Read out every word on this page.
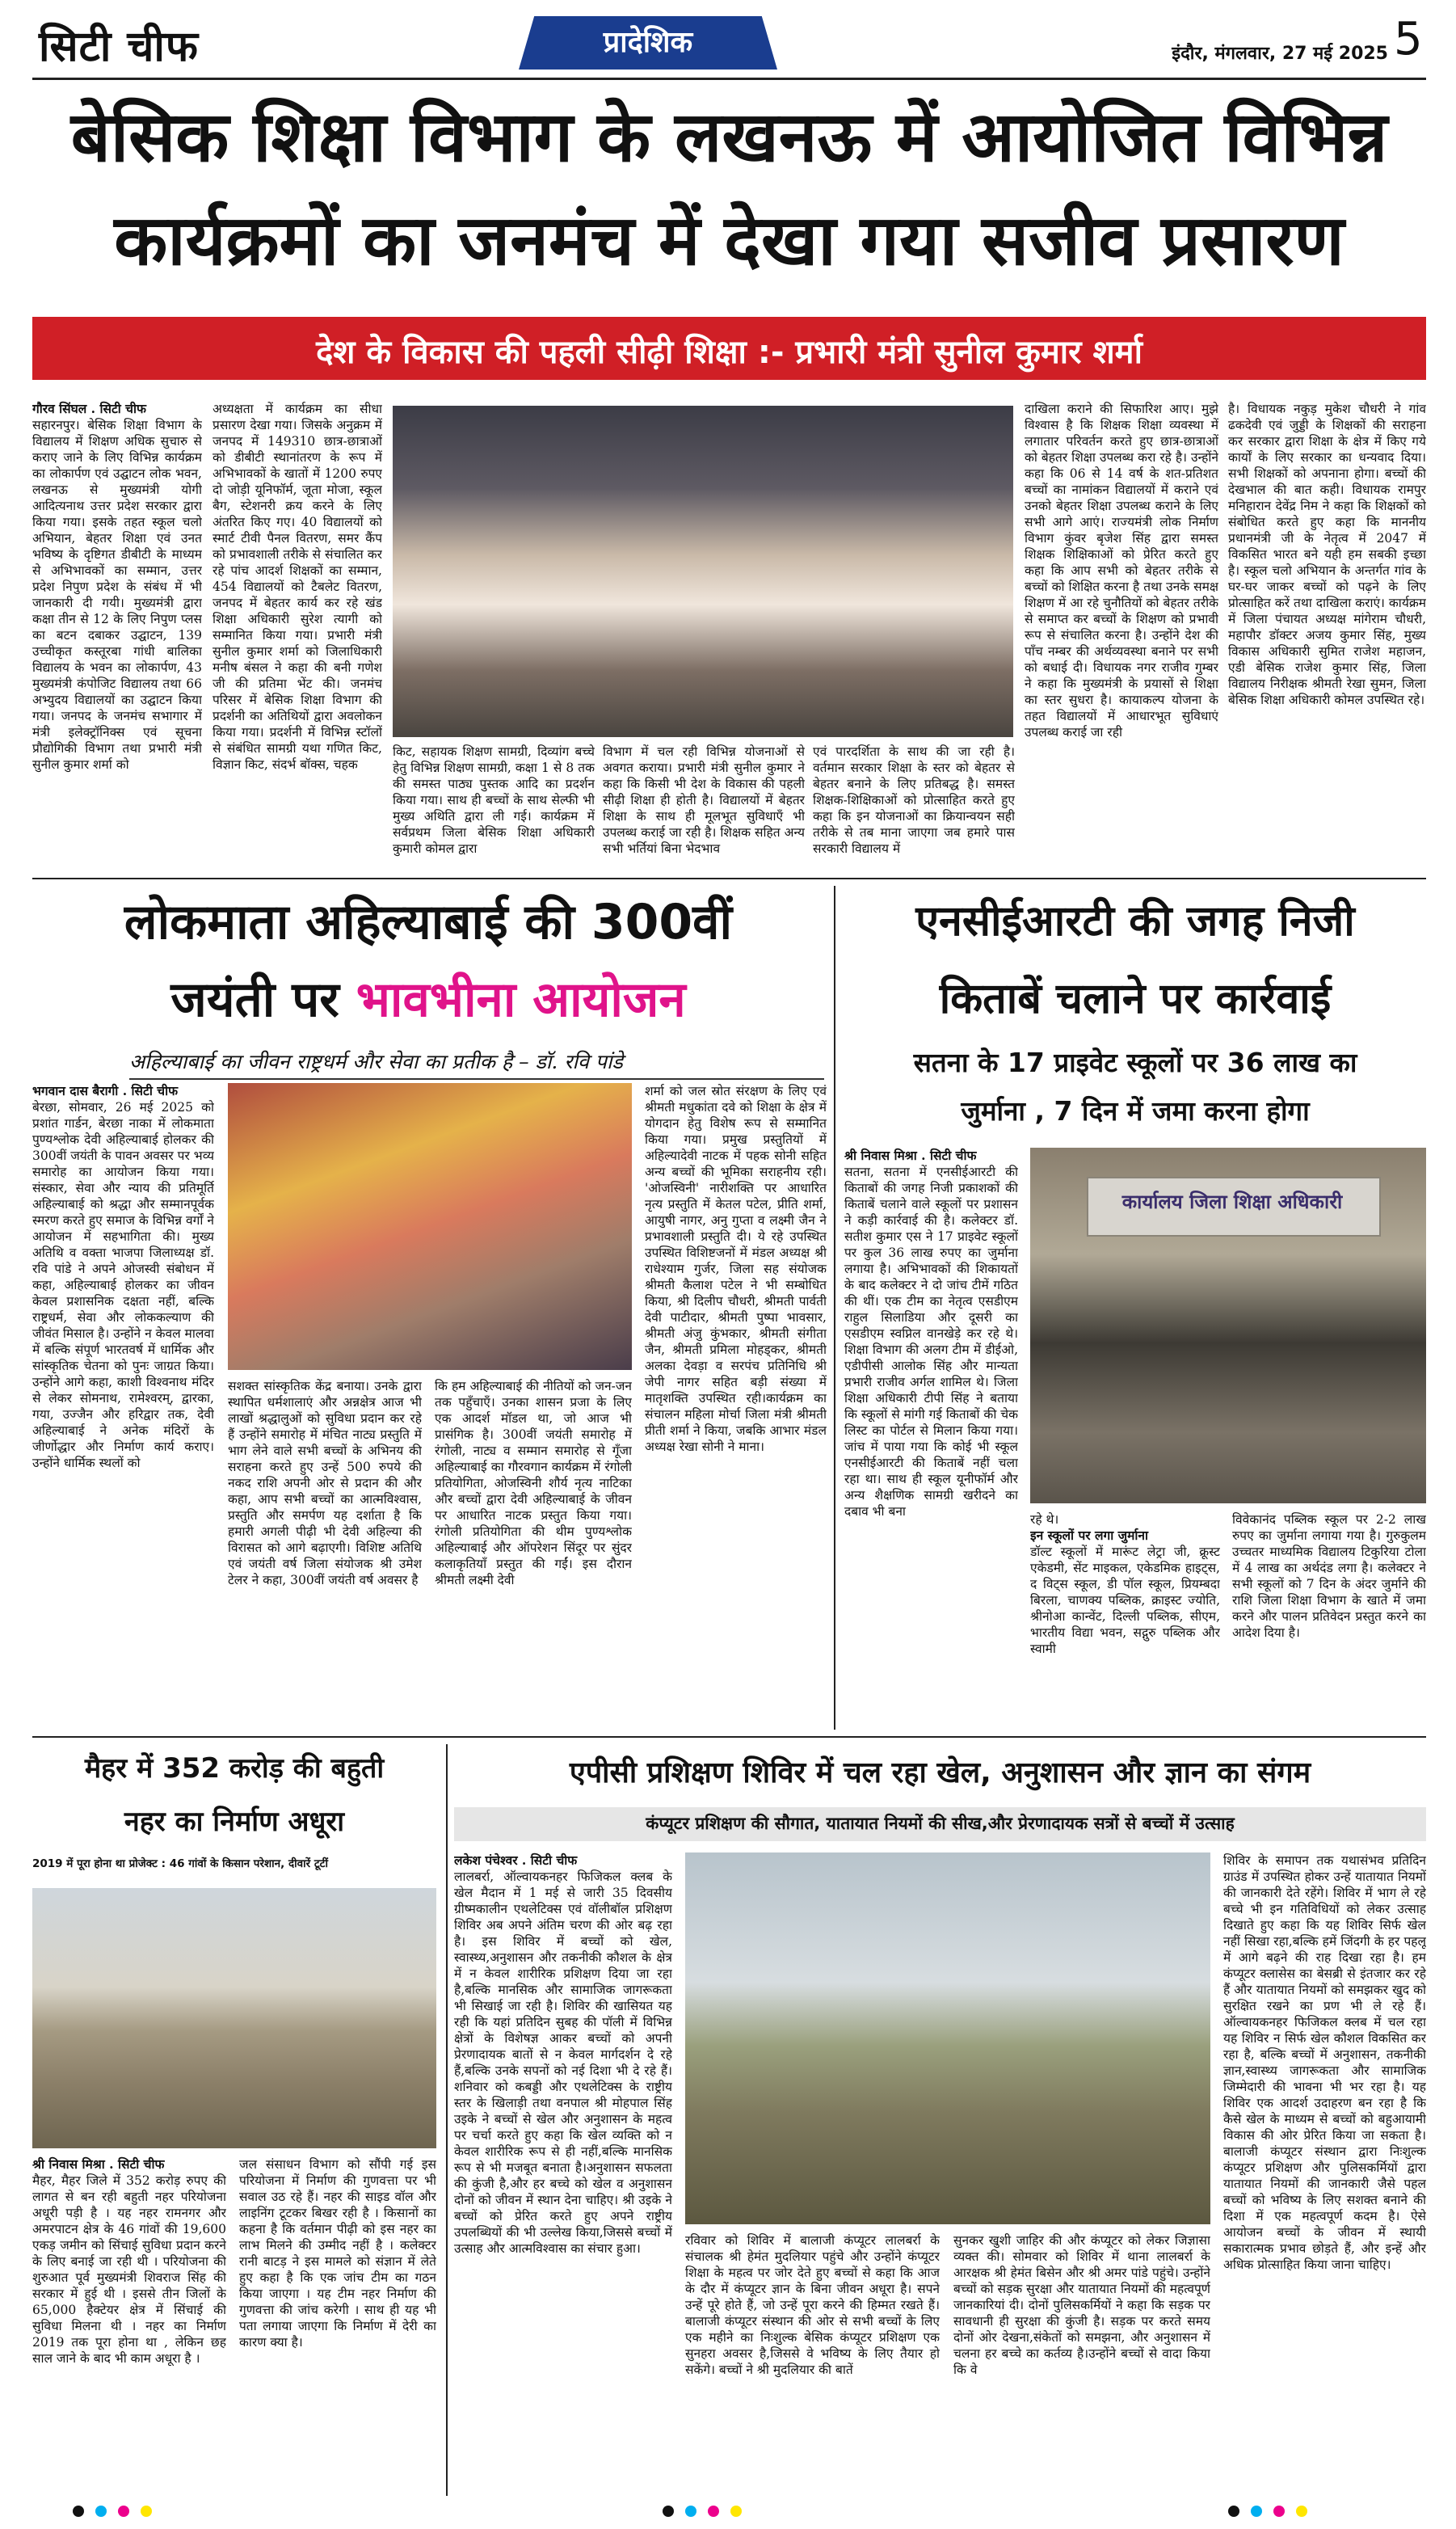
सिटी चीफ	प्रादेशिक	इंदौर, मंगलवार, 27 मई 2025 5
बेसिक शिक्षा विभाग के लखनऊ में आयोजित विभिन्न
कार्यक्रमों का जनमंच में देखा गया सजीव प्रसारण
देश के विकास की पहली सीढ़ी शिक्षा :- प्रभारी मंत्री सुनील कुमार शर्मा
गौरव सिंघल . सिटी चीफ
सहारनपुर। बेसिक शिक्षा विभाग के विद्यालय में शिक्षण अधिक सुचारु से कराए जाने के लिए विभिन्न कार्यक्रम का लोकार्पण एवं उद्घाटन लोक भवन, लखनऊ से मुख्यमंत्री योगी आदित्यनाथ उत्तर प्रदेश सरकार द्वारा किया गया। इसके तहत स्कूल चलो अभियान, बेहतर शिक्षा एवं उनत भविष्य के दृष्टिगत डीबीटी के माध्यम से अभिभावकों का सम्मान, उत्तर प्रदेश निपुण प्रदेश के संबंध में भी जानकारी दी गयी। मुख्यमंत्री द्वारा कक्षा तीन से 12 के लिए निपुण प्लस का बटन दबाकर उद्घाटन, 139 उच्चीकृत कस्तूरबा गांधी बालिका विद्यालय के भवन का लोकार्पण, 43 मुख्यमंत्री कंपोजिट विद्यालय तथा 66 अभ्युदय विद्यालयों का उद्घाटन किया गया। जनपद के जनमंच सभागार में मंत्री इलेक्ट्रॉनिक्स एवं सूचना प्रौद्योगिकी विभाग तथा प्रभारी मंत्री सुनील कुमार शर्मा को
अध्यक्षता में कार्यक्रम का सीधा प्रसारण देखा गया। जिसके अनुक्रम में जनपद में 149310 छात्र-छात्राओं को डीबीटी स्थानांतरण के रूप में अभिभावकों के खातों में 1200 रुपए दो जोड़ी यूनिफॉर्म, जूता मोजा, स्कूल बैग, स्टेशनरी क्रय करने के लिए अंतरित किए गए। 40 विद्यालयों को स्मार्ट टीवी पैनल वितरण, समर कैंप को प्रभावशाली तरीके से संचालित कर रहे पांच आदर्श शिक्षकों का सम्मान, 454 विद्यालयों को टैबलेट वितरण, जनपद में बेहतर कार्य कर रहे खंड शिक्षा अधिकारी सुरेश त्यागी को सम्मानित किया गया। प्रभारी मंत्री सुनील कुमार शर्मा को जिलाधिकारी मनीष बंसल ने कहा की बनी गणेश जी की प्रतिमा भेंट की। जनमंच परिसर में बेसिक शिक्षा विभाग की प्रदर्शनी का अतिथियों द्वारा अवलोकन किया गया। प्रदर्शनी में विभिन्न स्टॉलों से संबंधित सामग्री यथा गणित किट, विज्ञान किट, संदर्भ बॉक्स, चहक
किट, सहायक शिक्षण सामग्री, दिव्यांग बच्चे हेतु विभिन्न शिक्षण सामग्री, कक्षा 1 से 8 तक की समस्त पाठ्य पुस्तक आदि का प्रदर्शन किया गया। साथ ही बच्चों के साथ सेल्फी भी मुख्य अथिति द्वारा ली गई। कार्यक्रम में सर्वप्रथम जिला बेसिक शिक्षा अधिकारी कुमारी कोमल द्वारा
विभाग में चल रही विभिन्न योजनाओं से अवगत कराया। प्रभारी मंत्री सुनील कुमार ने कहा कि किसी भी देश के विकास की पहली सीढ़ी शिक्षा ही होती है। विद्यालयों में बेहतर शिक्षा के साथ ही मूलभूत सुविधाएँ भी उपलब्ध कराई जा रही है। शिक्षक सहित अन्य सभी भर्तियां बिना भेदभाव
एवं पारदर्शिता के साथ की जा रही है। वर्तमान सरकार शिक्षा के स्तर को बेहतर से बेहतर बनाने के लिए प्रतिबद्ध है। समस्त शिक्षक-शिक्षिकाओं को प्रोत्साहित करते हुए कहा कि इन योजनाओं का क्रियान्वयन सही तरीके से तब माना जाएगा जब हमारे पास सरकारी विद्यालय में
दाखिला कराने की सिफारिश आए। मुझे विश्वास है कि शिक्षक शिक्षा व्यवस्था में लगातार परिवर्तन करते हुए छात्र-छात्राओं को बेहतर शिक्षा उपलब्ध करा रहे है। उन्होंने कहा कि 06 से 14 वर्ष के शत-प्रतिशत बच्चों का नामांकन विद्यालयों में कराने एवं उनको बेहतर शिक्षा उपलब्ध कराने के लिए सभी आगे आएं। राज्यमंत्री लोक निर्माण विभाग कुंवर बृजेश सिंह द्वारा समस्त शिक्षक शिक्षिकाओं को प्रेरित करते हुए कहा कि आप सभी को बेहतर तरीके से बच्चों को शिक्षित करना है तथा उनके समक्ष शिक्षण में आ रहे चुनौतियों को बेहतर तरीके से समाप्त कर बच्चों के शिक्षण को प्रभावी रूप से संचालित करना है। उन्होंने देश की पाँच नम्बर की अर्थव्यवस्था बनाने पर सभी को बधाई दी। विधायक नगर राजीव गुम्बर ने कहा कि मुख्यमंत्री के प्रयासों से शिक्षा का स्तर सुधरा है। कायाकल्प योजना के तहत विद्यालयों में आधारभूत सुविधाएं उपलब्ध कराई जा रही
है। विधायक नकुड़ मुकेश चौधरी ने गांव ढकदेवी एवं जुड्डी के शिक्षकों की सराहना कर सरकार द्वारा शिक्षा के क्षेत्र में किए गये कार्यों के लिए सरकार का धन्यवाद दिया। सभी शिक्षकों को अपनाना होगा। बच्चों की देखभाल की बात कही। विधायक रामपुर मनिहारान देवेंद्र निम ने कहा कि शिक्षकों को संबोधित करते हुए कहा कि माननीय प्रधानमंत्री जी के नेतृत्व में 2047 में विकसित भारत बने यही हम सबकी इच्छा है। स्कूल चलो अभियान के अन्तर्गत गांव के घर-घर जाकर बच्चों को पढ़ने के लिए प्रोत्साहित करें तथा दाखिला कराएं। कार्यक्रम में जिला पंचायत अध्यक्ष मांगेराम चौधरी, महापौर डॉक्टर अजय कुमार सिंह, मुख्य विकास अधिकारी सुमित राजेश महाजन, एडी बेसिक राजेश कुमार सिंह, जिला विद्यालय निरीक्षक श्रीमती रेखा सुमन, जिला बेसिक शिक्षा अधिकारी कोमल उपस्थित रहे।
लोकमाता अहिल्याबाई की 300वीं
जयंती पर भावभीना आयोजन
अहिल्याबाई का जीवन राष्ट्रधर्म और सेवा का प्रतीक है – डॉ. रवि पांडे
भगवान दास बैरागी . सिटी चीफ
बेरछा, सोमवार, 26 मई 2025 को प्रशांत गार्डन, बेरछा नाका में लोकमाता पुण्यश्लोक देवी अहिल्याबाई होलकर की 300वीं जयंती के पावन अवसर पर भव्य समारोह का आयोजन किया गया। संस्कार, सेवा और न्याय की प्रतिमूर्ति अहिल्याबाई को श्रद्धा और सम्मानपूर्वक स्मरण करते हुए समाज के विभिन्न वर्गों ने आयोजन में सहभागिता की। मुख्य अतिथि व वक्ता भाजपा जिलाध्यक्ष डॉ. रवि पांडे ने अपने ओजस्वी संबोधन में कहा, अहिल्याबाई होलकर का जीवन केवल प्रशासनिक दक्षता नहीं, बल्कि राष्ट्रधर्म, सेवा और लोककल्याण की जीवंत मिसाल है। उन्होंने न केवल मालवा में बल्कि संपूर्ण भारतवर्ष में धार्मिक और सांस्कृतिक चेतना को पुनः जाग्रत किया। उन्होंने आगे कहा, काशी विश्वनाथ मंदिर से लेकर सोमनाथ, रामेश्वरम्, द्वारका, गया, उज्जैन और हरिद्वार तक, देवी अहिल्याबाई ने अनेक मंदिरों के जीर्णोद्धार और निर्माण कार्य कराए। उन्होंने धार्मिक स्थलों को
सशक्त सांस्कृतिक केंद्र बनाया। उनके द्वारा स्थापित धर्मशालाएं और अन्नक्षेत्र आज भी लाखों श्रद्धालुओं को सुविधा प्रदान कर रहे हैं उन्होंने समारोह में मंचित नाट्य प्रस्तुति में भाग लेने वाले सभी बच्चों के अभिनय की सराहना करते हुए उन्हें 500 रुपये की नकद राशि अपनी ओर से प्रदान की और कहा, आप सभी बच्चों का आत्मविश्वास, प्रस्तुति और समर्पण यह दर्शाता है कि हमारी अगली पीढ़ी भी देवी अहिल्या की विरासत को आगे बढ़ाएगी। विशिष्ट अतिथि एवं जयंती वर्ष जिला संयोजक श्री उमेश टेलर ने कहा, 300वीं जयंती वर्ष अवसर है
कि हम अहिल्याबाई की नीतियों को जन-जन तक पहुँचाएँ। उनका शासन प्रजा के लिए एक आदर्श मॉडल था, जो आज भी प्रासंगिक है। 300वीं जयंती समारोह में रंगोली, नाट्य व सम्मान समारोह से गूँजा अहिल्याबाई का गौरवगान कार्यक्रम में रंगोली प्रतियोगिता, ओजस्विनी शौर्य नृत्य नाटिका और बच्चों द्वारा देवी अहिल्याबाई के जीवन पर आधारित नाटक प्रस्तुत किया गया। रंगोली प्रतियोगिता की थीम पुण्यश्लोक अहिल्याबाई और ऑपरेशन सिंदूर पर सुंदर कलाकृतियाँ प्रस्तुत की गईं। इस दौरान श्रीमती लक्ष्मी देवी
शर्मा को जल स्रोत संरक्षण के लिए एवं श्रीमती मधुकांता दवे को शिक्षा के क्षेत्र में योगदान हेतु विशेष रूप से सम्मानित किया गया। प्रमुख प्रस्तुतियों में अहिल्यादेवी नाटक में पहक सोनी सहित अन्य बच्चों की भूमिका सराहनीय रही। 'ओजस्विनी' नारीशक्ति पर आधारित नृत्य प्रस्तुति में केतल पटेल, प्रीति शर्मा, आयुषी नागर, अनु गुप्ता व लक्ष्मी जैन ने प्रभावशाली प्रस्तुति दी। ये रहे उपस्थित उपस्थित विशिष्टजनों में मंडल अध्यक्ष श्री राधेश्याम गुर्जर, जिला सह संयोजक श्रीमती कैलाश पटेल ने भी सम्बोधित किया, श्री दिलीप चौधरी, श्रीमती पार्वती देवी पाटीदार, श्रीमती पुष्पा भावसार, श्रीमती अंजु कुंभकार, श्रीमती संगीता जैन, श्रीमती प्रमिला मोहड्कर, श्रीमती अलका देवड़ा व सरपंच प्रतिनिधि श्री जेपी नागर सहित बड़ी संख्या में मातृशक्ति उपस्थित रही।कार्यक्रम का संचालन महिला मोर्चा जिला मंत्री श्रीमती प्रीती शर्मा ने किया, जबकि आभार मंडल अध्यक्ष रेखा सोनी ने माना।
एनसीईआरटी की जगह निजी
किताबें चलाने पर कार्रवाई
सतना के 17 प्राइवेट स्कूलों पर 36 लाख का
जुर्माना , 7 दिन में जमा करना होगा
श्री निवास मिश्रा . सिटी चीफ
सतना, सतना में एनसीईआरटी की किताबों की जगह निजी प्रकाशकों की किताबें चलाने वाले स्कूलों पर प्रशासन ने कड़ी कार्रवाई की है। कलेक्टर डॉ. सतीश कुमार एस ने 17 प्राइवेट स्कूलों पर कुल 36 लाख रुपए का जुर्माना लगाया है। अभिभावकों की शिकायतों के बाद कलेक्टर ने दो जांच टीमें गठित की थीं। एक टीम का नेतृत्व एसडीएम राहुल सिलाडिया और दूसरी का एसडीएम स्वप्निल वानखेड़े कर रहे थे। शिक्षा विभाग की अलग टीम में डीईओ, एडीपीसी आलोक सिंह और मान्यता प्रभारी राजीव अर्गल शामिल थे। जिला शिक्षा अधिकारी टीपी सिंह ने बताया कि स्कूलों से मांगी गई किताबों की चेक लिस्ट का पोर्टल से मिलान किया गया। जांच में पाया गया कि कोई भी स्कूल एनसीईआरटी की किताबें नहीं चला रहा था। साथ ही स्कूल यूनीफॉर्म और अन्य शैक्षणिक सामग्री खरीदने का दबाव भी बना
कार्यालय जिला शिक्षा अधिकारी
रहे थे।
इन स्कूलों पर लगा जुर्माना
डॉल्ट स्कूलों में मारूंट लेट्रा जी, क्रूस्ट एकेडमी, सेंट माइकल, एकेडमिक हाइट्स, द विट्स स्कूल, डी पॉल स्कूल, प्रियम्बदा बिरला, चाणक्य पब्लिक, क्राइस्ट ज्योति, श्रीनोआ कान्वेंट, दिल्ली पब्लिक, सीएम, भारतीय विद्या भवन, सद्गुरु पब्लिक और स्वामी
विवेकानंद पब्लिक स्कूल पर 2-2 लाख रुपए का जुर्माना लगाया गया है। गुरुकुलम उच्चतर माध्यमिक विद्यालय टिकुरिया टोला में 4 लाख का अर्थदंड लगा है। कलेक्टर ने सभी स्कूलों को 7 दिन के अंदर जुर्माने की राशि जिला शिक्षा विभाग के खाते में जमा करने और पालन प्रतिवेदन प्रस्तुत करने का आदेश दिया है।
मैहर में 352 करोड़ की बहुती
नहर का निर्माण अधूरा
2019 में पूरा होना था प्रोजेक्ट : 46 गांवों के किसान परेशान, दीवारें टूटीं
श्री निवास मिश्रा . सिटी चीफ
मैहर, मैहर जिले में 352 करोड़ रुपए की लागत से बन रही बहुती नहर परियोजना अधूरी पड़ी है । यह नहर रामनगर और अमरपाटन क्षेत्र के 46 गांवों की 19,600 एकड़ जमीन को सिंचाई सुविधा प्रदान करने के लिए बनाई जा रही थी । परियोजना की शुरुआत पूर्व मुख्यमंत्री शिवराज सिंह की सरकार में हुई थी । इससे तीन जिलों के 65,000 हैक्टेयर क्षेत्र में सिंचाई की सुविधा मिलना थी । नहर का निर्माण 2019 तक पूरा होना था , लेकिन छह साल जाने के बाद भी काम अधूरा है ।
जल संसाधन विभाग को सौंपी गई इस परियोजना में निर्माण की गुणवत्ता पर भी सवाल उठ रहे हैं। नहर की साइड वॉल और लाइनिंग टूटकर बिखर रही है । किसानों का कहना है कि वर्तमान पीढ़ी को इस नहर का लाभ मिलने की उम्मीद नहीं है । कलेक्टर रानी बाटड़ ने इस मामले को संज्ञान में लेते हुए कहा है कि एक जांच टीम का गठन किया जाएगा । यह टीम नहर निर्माण की गुणवत्ता की जांच करेगी । साथ ही यह भी पता लगाया जाएगा कि निर्माण में देरी का कारण क्या है।
एपीसी प्रशिक्षण शिविर में चल रहा खेल, अनुशासन और ज्ञान का संगम
कंप्यूटर प्रशिक्षण की सौगात, यातायात नियमों की सीख,और प्रेरणादायक सत्रों से बच्चों में उत्साह
लकेश पंचेश्वर . सिटी चीफ
लालबर्रा, ऑल्वायकनहर फिजिकल क्लब के खेल मैदान में 1 मई से जारी 35 दिवसीय ग्रीष्मकालीन एथलेटिक्स एवं वॉलीबॉल प्रशिक्षण शिविर अब अपने अंतिम चरण की ओर बढ़ रहा है। इस शिविर में बच्चों को खेल, स्वास्थ्य,अनुशासन और तकनीकी कौशल के क्षेत्र में न केवल शारीरिक प्रशिक्षण दिया जा रहा है,बल्कि मानसिक और सामाजिक जागरूकता भी सिखाई जा रही है। शिविर की खासियत यह रही कि यहां प्रतिदिन सुबह की पॉली में विभिन्न क्षेत्रों के विशेषज्ञ आकर बच्चों को अपनी प्रेरणादायक बातों से न केवल मार्गदर्शन दे रहे हैं,बल्कि उनके सपनों को नई दिशा भी दे रहे हैं। शनिवार को कबड्डी और एथलेटिक्स के राष्ट्रीय स्तर के खिलाड़ी तथा वनपाल श्री मोहपाल सिंह उइके ने बच्चों से खेल और अनुशासन के महत्व पर चर्चा करते हुए कहा कि खेल व्यक्ति को न केवल शारीरिक रूप से ही नहीं,बल्कि मानसिक रूप से भी मजबूत बनाता है।अनुशासन सफलता की कुंजी है,और हर बच्चे को खेल व अनुशासन दोनों को जीवन में स्थान देना चाहिए। श्री उइके ने बच्चों को प्रेरित करते हुए अपने राष्ट्रीय उपलब्धियों की भी उल्लेख किया,जिससे बच्चों में उत्साह और आत्मविश्वास का संचार हुआ।
रविवार को शिविर में बालाजी कंप्यूटर लालबर्रा के संचालक श्री हेमंत मुदलियार पहुंचे और उन्होंने कंप्यूटर शिक्षा के महत्व पर जोर देते हुए बच्चों से कहा कि आज के दौर में कंप्यूटर ज्ञान के बिना जीवन अधूरा है। सपने उन्हें पूरे होते हैं, जो उन्हें पूरा करने की हिम्मत रखते हैं। बालाजी कंप्यूटर संस्थान की ओर से सभी बच्चों के लिए एक महीने का निःशुल्क बेसिक कंप्यूटर प्रशिक्षण एक सुनहरा अवसर है,जिससे वे भविष्य के लिए तैयार हो सकेंगे। बच्चों ने श्री मुदलियार की बातें
सुनकर खुशी जाहिर की और कंप्यूटर को लेकर जिज्ञासा व्यक्त की। सोमवार को शिविर में थाना लालबर्रा के आरक्षक श्री हेमंत बिसेन और श्री अमर पांडे पहुंचे। उन्होंने बच्चों को सड़क सुरक्षा और यातायात नियमों की महत्वपूर्ण जानकारियां दी। दोनों पुलिसकर्मियों ने कहा कि सड़क पर सावधानी ही सुरक्षा की कुंजी है। सड़क पर करते समय दोनों ओर देखना,संकेतों को समझना, और अनुशासन में चलना हर बच्चे का कर्तव्य है।उन्होंने बच्चों से वादा किया कि वे
शिविर के समापन तक यथासंभव प्रतिदिन ग्राउंड में उपस्थित होकर उन्हें यातायात नियमों की जानकारी देते रहेंगे। शिविर में भाग ले रहे बच्चे भी इन गतिविधियों को लेकर उत्साह दिखाते हुए कहा कि यह शिविर सिर्फ खेल नहीं सिखा रहा,बल्कि हमें जिंदगी के हर पहलू में आगे बढ़ने की राह दिखा रहा है। हम कंप्यूटर क्लासेस का बेसब्री से इंतजार कर रहे हैं और यातायात नियमों को समझकर खुद को सुरक्षित रखने का प्रण भी ले रहे हैं। ऑल्वायकनहर फिजिकल क्लब में चल रहा यह शिविर न सिर्फ खेल कौशल विकसित कर रहा है, बल्कि बच्चों में अनुशासन, तकनीकी ज्ञान,स्वास्थ्य जागरूकता और सामाजिक जिम्मेदारी की भावना भी भर रहा है। यह शिविर एक आदर्श उदाहरण बन रहा है कि कैसे खेल के माध्यम से बच्चों को बहुआयामी विकास की ओर प्रेरित किया जा सकता है। बालाजी कंप्यूटर संस्थान द्वारा निःशुल्क कंप्यूटर प्रशिक्षण और पुलिसकर्मियों द्वारा यातायात नियमों की जानकारी जैसे पहल बच्चों को भविष्य के लिए सशक्त बनाने की दिशा में एक महत्वपूर्ण कदम है। ऐसे आयोजन बच्चों के जीवन में स्थायी सकारात्मक प्रभाव छोड़ते हैं, और इन्हें और अधिक प्रोत्साहित किया जाना चाहिए।
